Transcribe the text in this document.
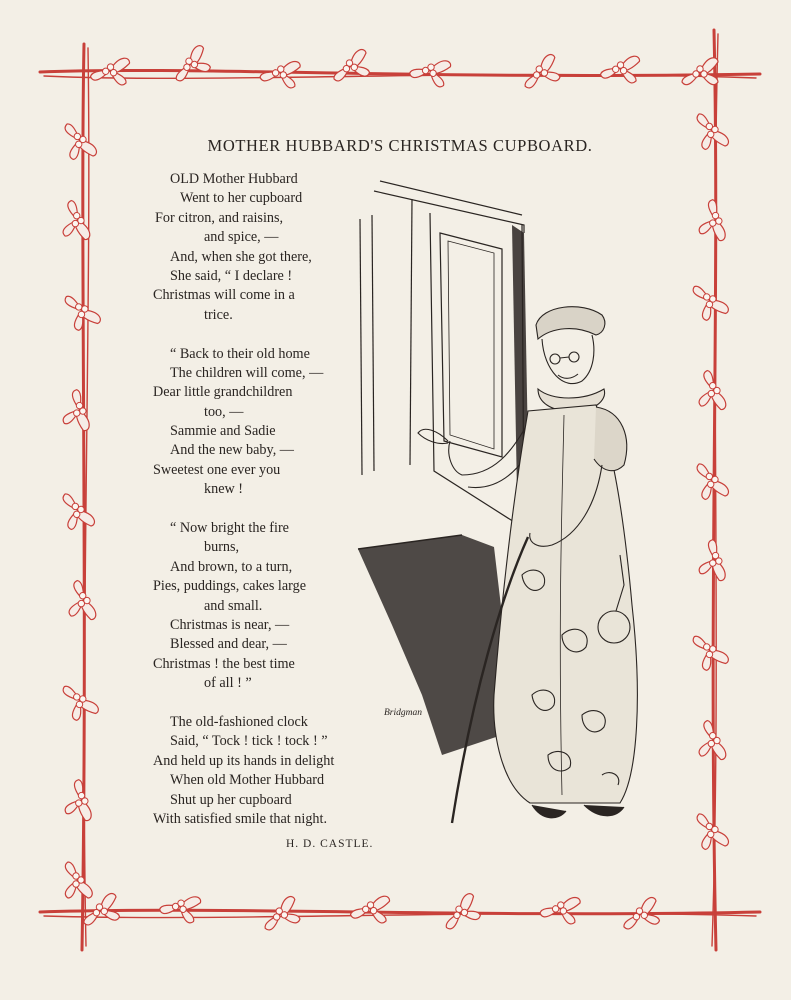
MOTHER HUBBARD'S CHRISTMAS CUPBOARD.
OLD Mother Hubbard
Went to her cupboard
For citron, and raisins,
and spice, —
And, when she got there,
She said, “ I declare !
Christmas will come in a
trice.
“ Back to their old home
The children will come, —
Dear little grandchildren
too, —
Sammie and Sadie
And the new baby, —
Sweetest one ever you
knew !
“ Now bright the fire
burns,
And brown, to a turn,
Pies, puddings, cakes large
and small.
Christmas is near, —
Blessed and dear, —
Christmas ! the best time
of all ! ”
The old-fashioned clock
Said, “ Tock ! tick ! tock ! ”
And held up its hands in delight
When old Mother Hubbard
Shut up her cupboard
With satisfied smile that night.
H. D. CASTLE.
Bridgman
